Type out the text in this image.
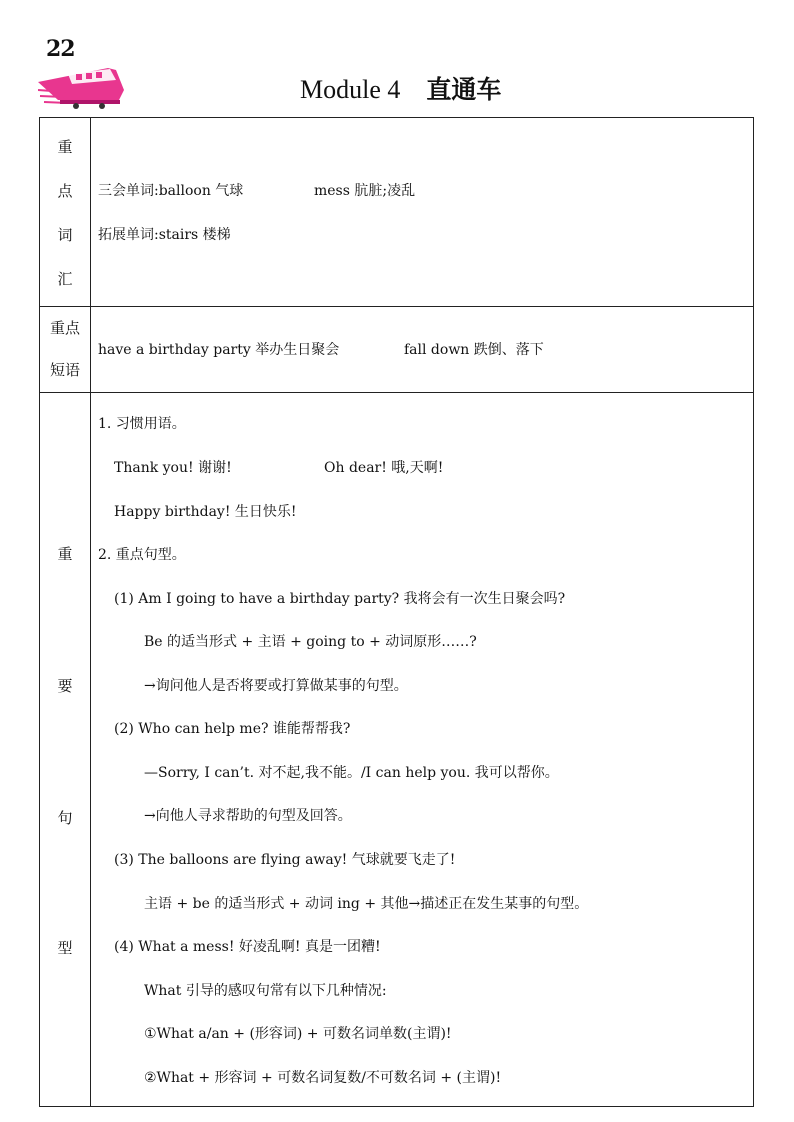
22
Module 4 直通车
重
点
词
汇
三会单词:balloon 气球	mess 肮脏;凌乱
拓展单词:stairs 楼梯
重点
短语
have a birthday party 举办生日聚会	fall down 跌倒、落下
重
要
句
型
1. 习惯用语。
Thank you! 谢谢!	Oh dear! 哦,天啊!
Happy birthday! 生日快乐!
2. 重点句型。
(1) Am I going to have a birthday party? 我将会有一次生日聚会吗?
Be 的适当形式 + 主语 + going to + 动词原形……?
→询问他人是否将要或打算做某事的句型。
(2) Who can help me? 谁能帮帮我?
—Sorry, I can’t. 对不起,我不能。/I can help you. 我可以帮你。
→向他人寻求帮助的句型及回答。
(3) The balloons are flying away! 气球就要飞走了!
主语 + be 的适当形式 + 动词 ing + 其他→描述正在发生某事的句型。
(4) What a mess! 好凌乱啊! 真是一团糟!
What 引导的感叹句常有以下几种情况:
①What a/an + (形容词) + 可数名词单数(主谓)!
②What + 形容词 + 可数名词复数/不可数名词 + (主谓)!
